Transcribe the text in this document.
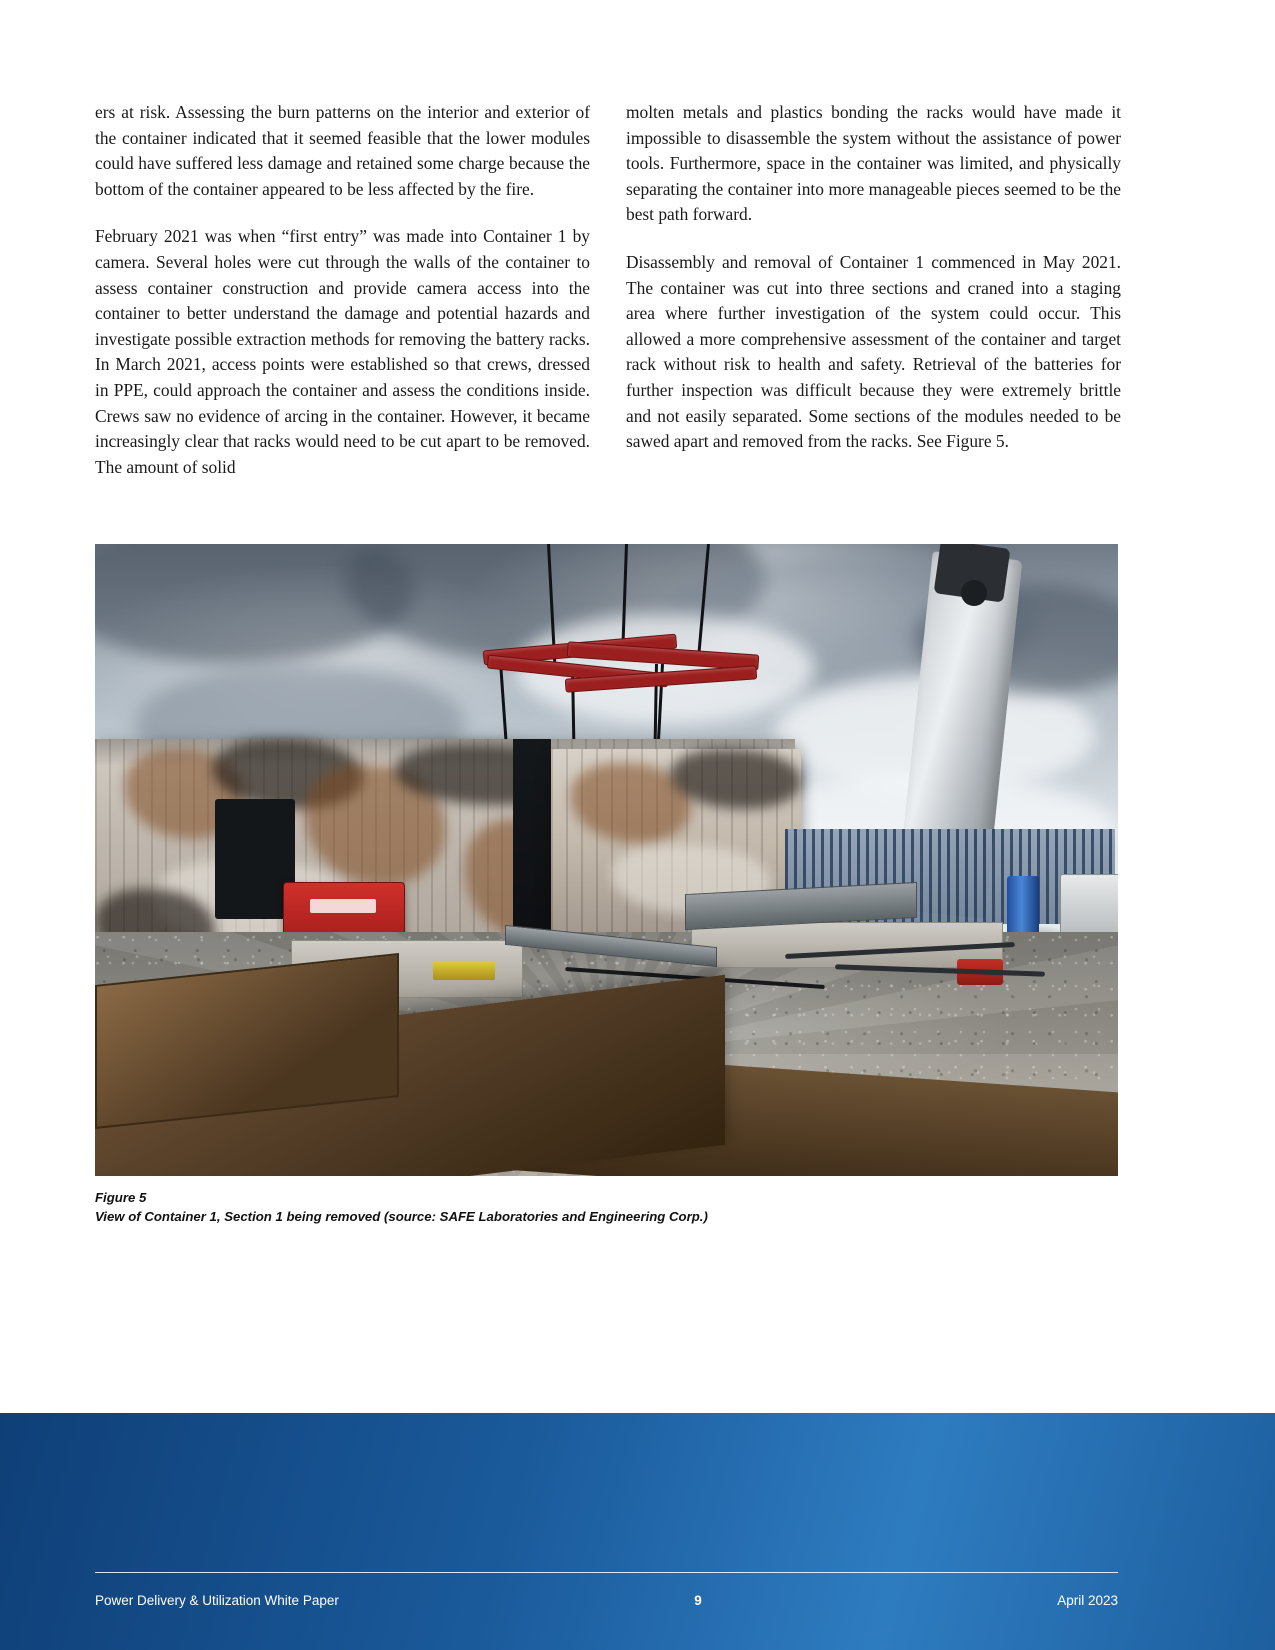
ers at risk. Assessing the burn patterns on the interior and exterior of the container indicated that it seemed feasible that the lower modules could have suffered less damage and retained some charge because the bottom of the container appeared to be less affected by the fire.

February 2021 was when “first entry” was made into Container 1 by camera. Several holes were cut through the walls of the container to assess container construction and provide camera access into the container to better understand the damage and potential hazards and investigate possible extraction methods for removing the battery racks. In March 2021, access points were established so that crews, dressed in PPE, could approach the container and assess the conditions inside. Crews saw no evidence of arcing in the container. However, it became increasingly clear that racks would need to be cut apart to be removed. The amount of solid

molten metals and plastics bonding the racks would have made it impossible to disassemble the system without the assistance of power tools. Furthermore, space in the container was limited, and physically separating the container into more manageable pieces seemed to be the best path forward.

Disassembly and removal of Container 1 commenced in May 2021. The container was cut into three sections and craned into a staging area where further investigation of the system could occur. This allowed a more comprehensive assessment of the container and target rack without risk to health and safety. Retrieval of the batteries for further inspection was difficult because they were extremely brittle and not easily separated. Some sections of the modules needed to be sawed apart and removed from the racks. See Figure 5.

Figure 5
View of Container 1, Section 1 being removed (source: SAFE Laboratories and Engineering Corp.)
Power Delivery & Utilization White Paper	9	April 2023
